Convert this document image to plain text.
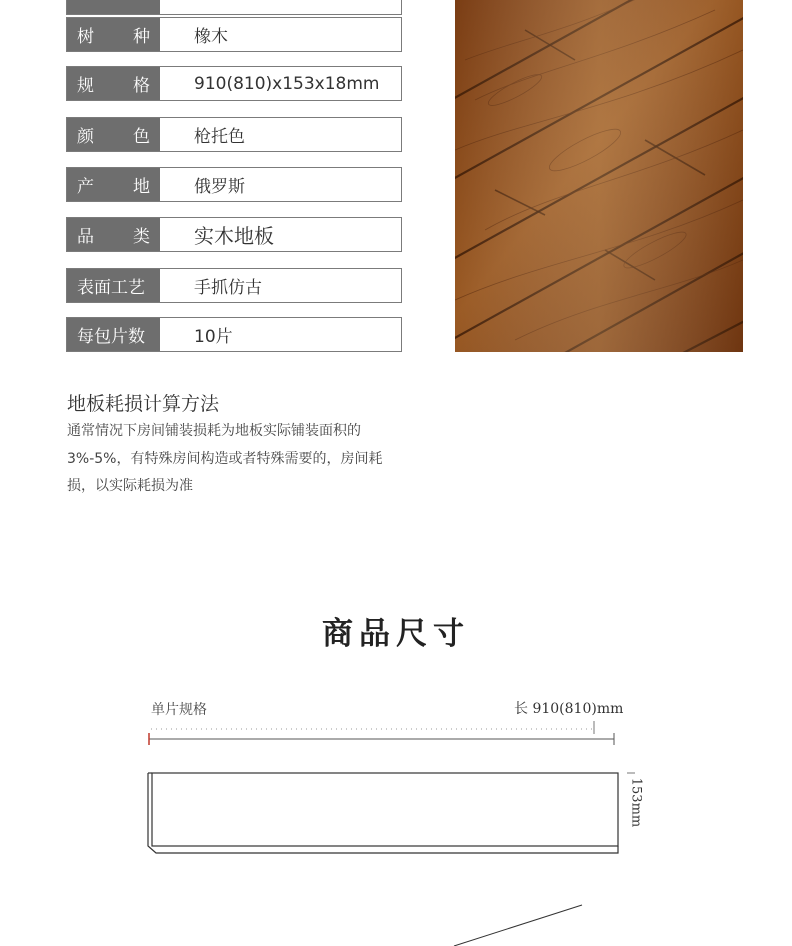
树 种	橡木
规 格	910(810)x153x18mm
颜 色	枪托色
产 地	俄罗斯
品 类	实木地板
表面工艺	手抓仿古
每包片数	10片
地板耗损计算方法
通常情况下房间铺装损耗为地板实际铺装面积的3%-5%，有特殊房间构造或者特殊需要的，房间耗损，以实际耗损为准
商品尺寸
单片规格	长 910(810)mm
153mm
